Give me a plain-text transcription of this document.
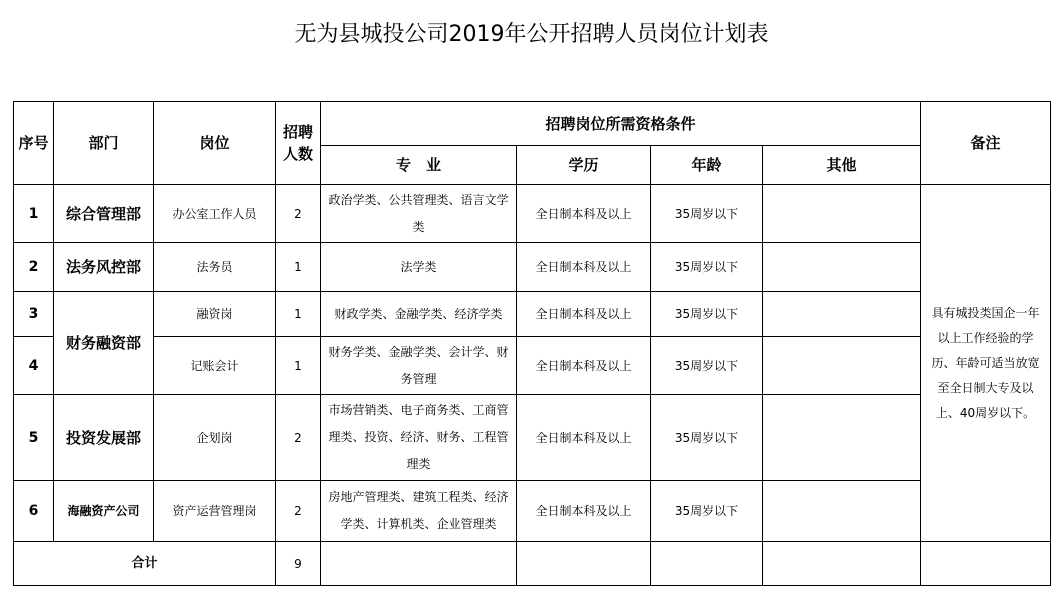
无为县城投公司2019年公开招聘人员岗位计划表
序号	部门	岗位	招聘人数	招聘岗位所需资格条件				备注
				专　业	学历	年龄	其他	
1	综合管理部	办公室工作人员	2	政治学类、公共管理类、语言文学类	全日制本科及以上	35周岁以下		具有城投类国企一年以上工作经验的学历、年龄可适当放宽至全日制大专及以上、40周岁以下。
2	法务风控部	法务员	1	法学类	全日制本科及以上	35周岁以下		
3	财务融资部	融资岗	1	财政学类、金融学类、经济学类	全日制本科及以上	35周岁以下		
4		记账会计	1	财务学类、金融学类、会计学、财务管理	全日制本科及以上	35周岁以下		
5	投资发展部	企划岗	2	市场营销类、电子商务类、工商管理类、投资、经济、财务、工程管理类	全日制本科及以上	35周岁以下		
6	海融资产公司	资产运营管理岗	2	房地产管理类、建筑工程类、经济学类、计算机类、企业管理类	全日制本科及以上	35周岁以下		
合计			9					
